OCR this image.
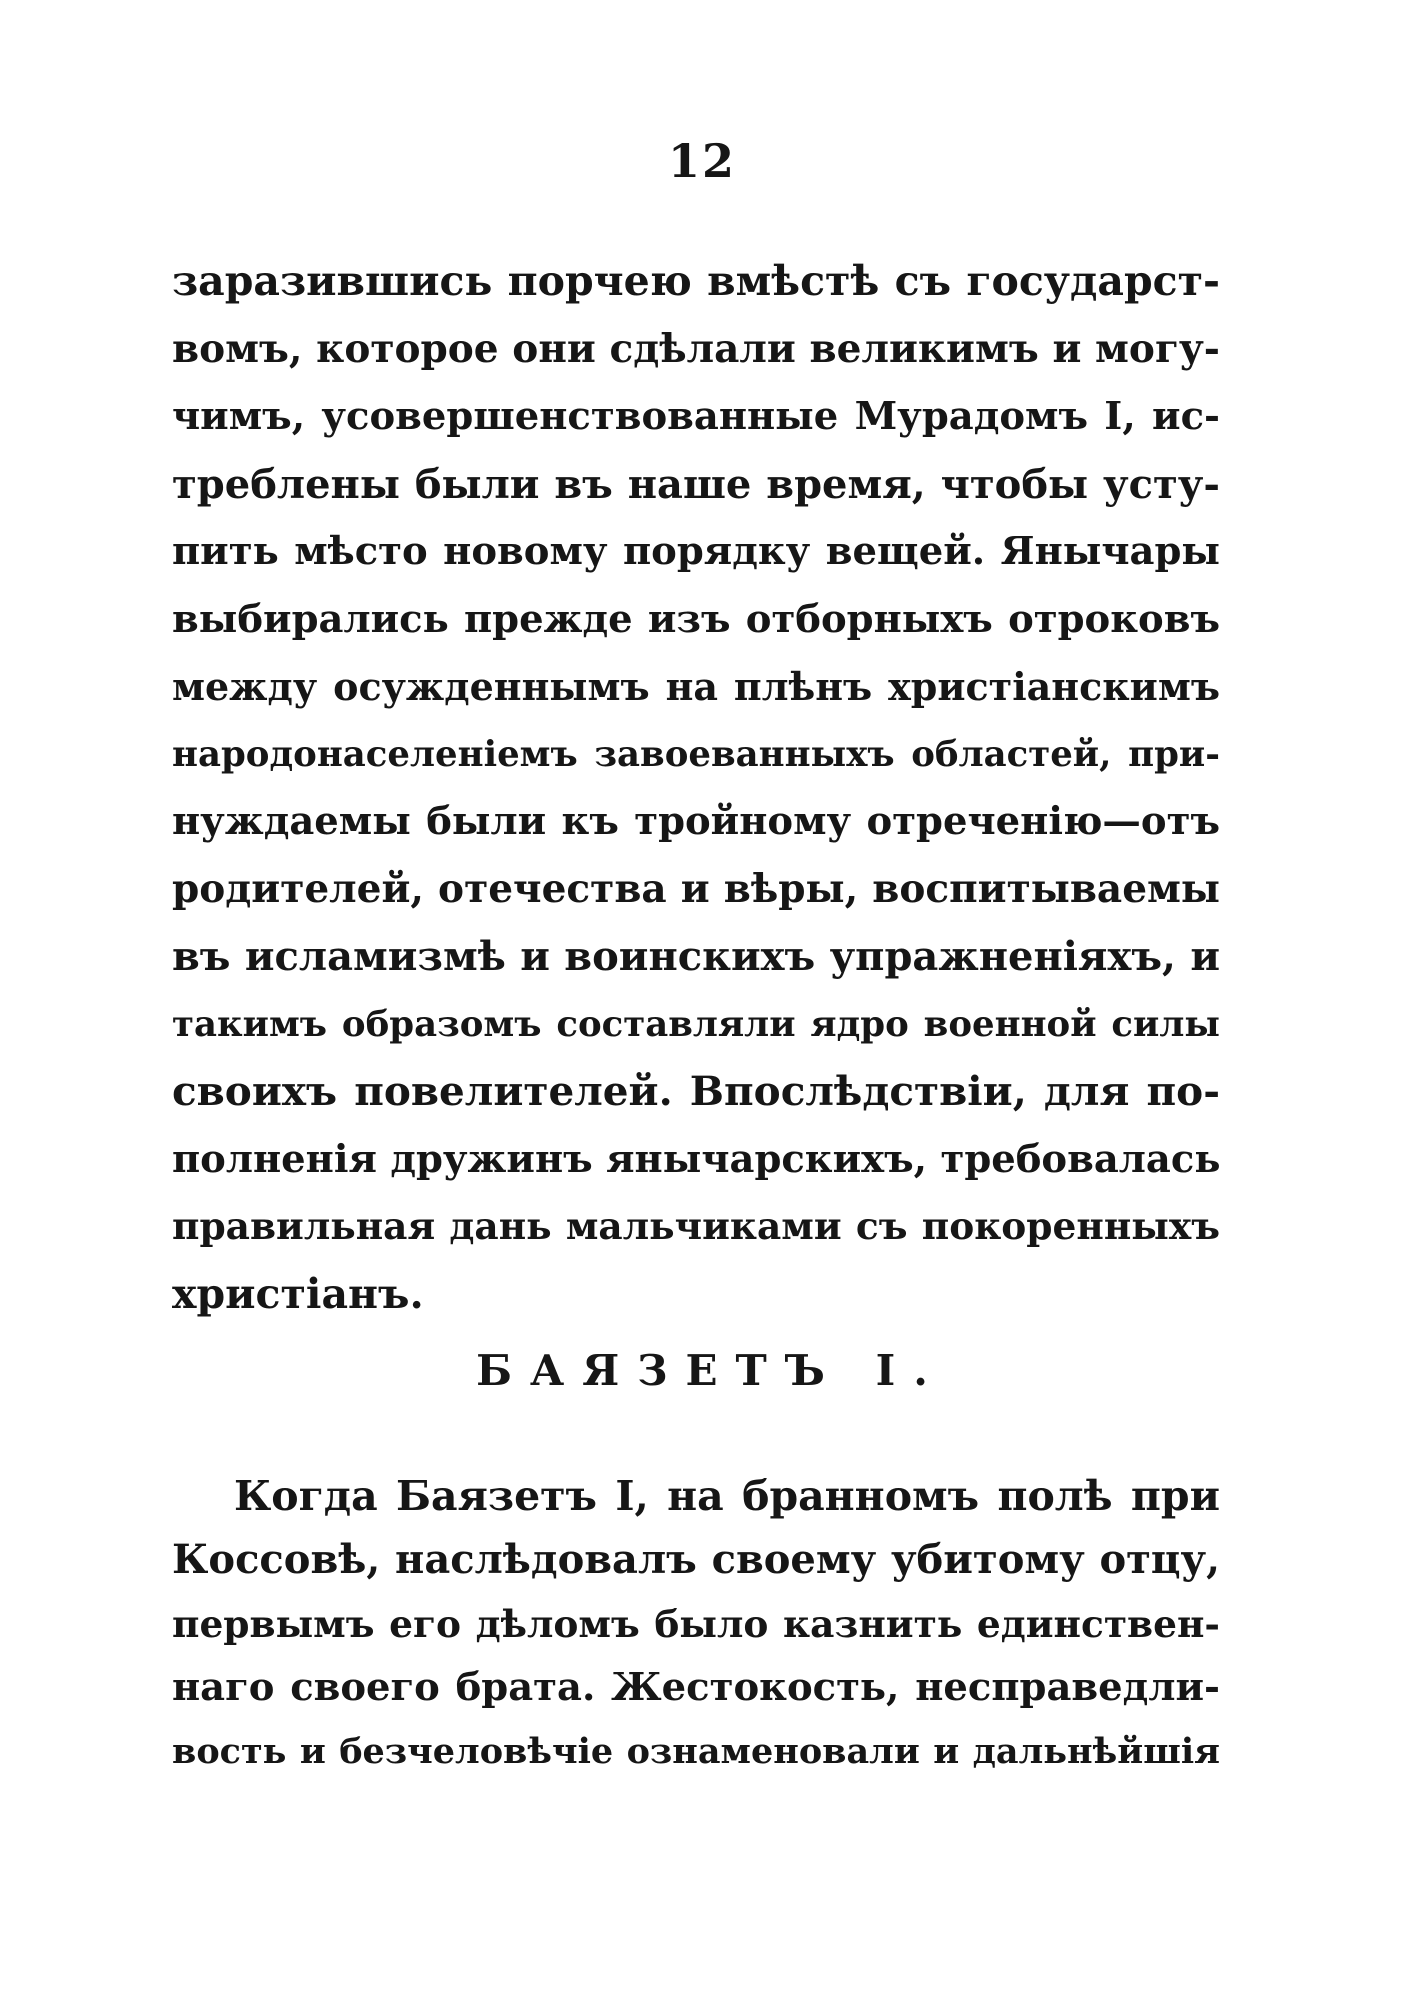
12
заразившись порчею вмѣстѣ съ государст-
вомъ, которое они сдѣлали великимъ и могу-
чимъ, усовершенствованные Мурадомъ I, ис-
треблены были въ наше время, чтобы усту-
пить мѣсто новому порядку вещей. Янычары
выбирались прежде изъ отборныхъ отроковъ
между осужденнымъ на плѣнъ христіанскимъ
народонаселеніемъ завоеванныхъ областей, при-
нуждаемы были къ тройному отреченію—отъ
родителей, отечества и вѣры, воспитываемы
въ исламизмѣ и воинскихъ упражненіяхъ, и
такимъ образомъ составляли ядро военной силы
своихъ повелителей. Впослѣдствіи, для по-
полненія дружинъ янычарскихъ, требовалась
правильная дань мальчиками съ покоренныхъ
христіанъ.
БАЯЗЕТЪ I.
Когда Баязетъ I, на бранномъ полѣ при
Коссовѣ, наслѣдовалъ своему убитому отцу,
первымъ его дѣломъ было казнить единствен-
наго своего брата. Жестокость, несправедли-
вость и безчеловѣчіе ознаменовали и дальнѣйшія
